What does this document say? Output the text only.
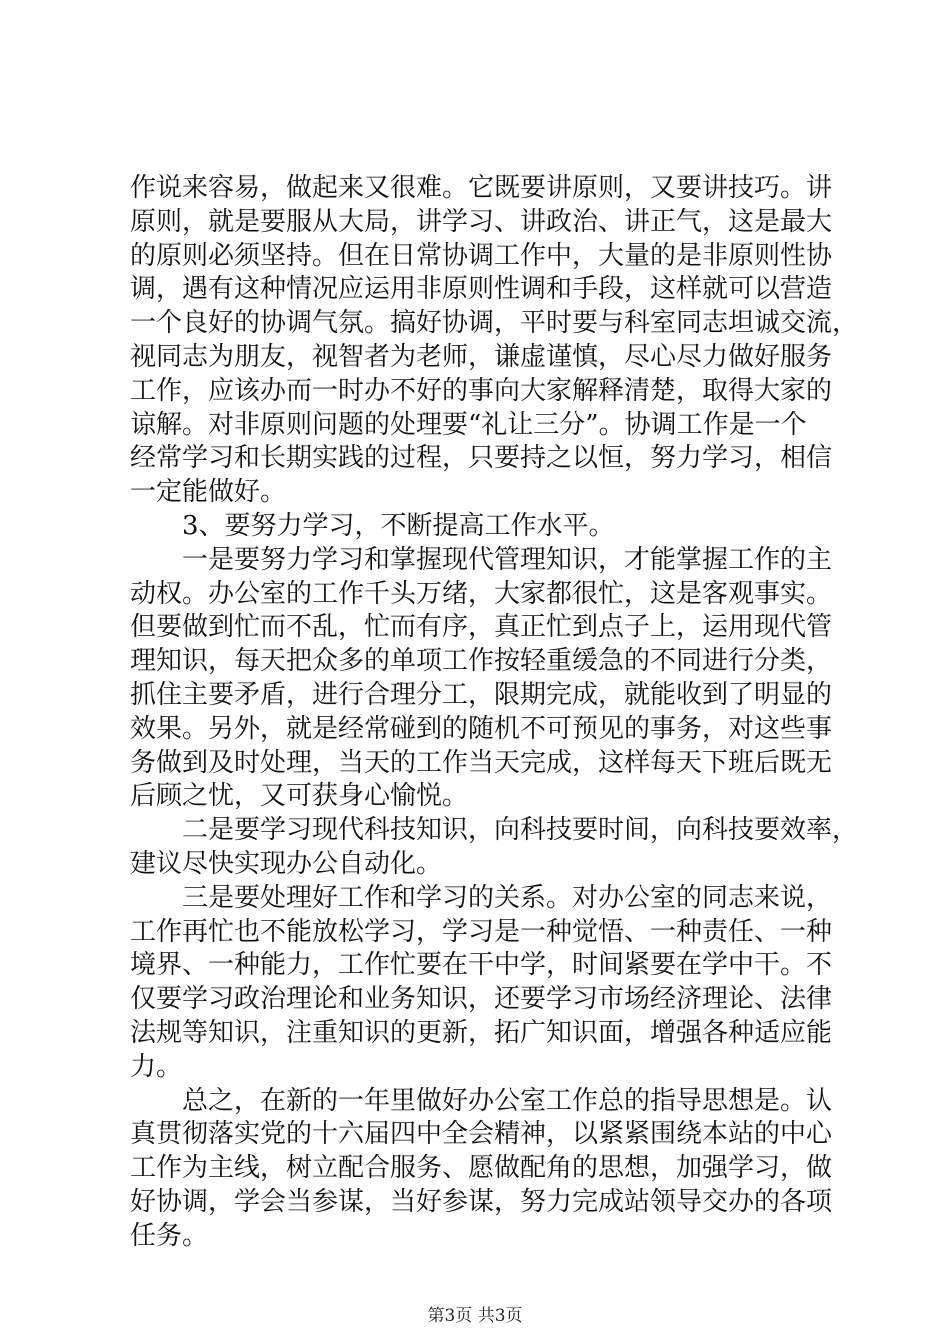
作说来容易，做起来又很难。它既要讲原则，又要讲技巧。讲
原则，就是要服从大局，讲学习、讲政治、讲正气，这是最大
的原则必须坚持。但在日常协调工作中，大量的是非原则性协
调，遇有这种情况应运用非原则性调和手段，这样就可以营造
一个良好的协调气氛。搞好协调，平时要与科室同志坦诚交流，
视同志为朋友，视智者为老师，谦虚谨慎，尽心尽力做好服务
工作，应该办而一时办不好的事向大家解释清楚，取得大家的
谅解。对非原则问题的处理要“礼让三分”。协调工作是一个
经常学习和长期实践的过程，只要持之以恒，努力学习，相信
一定能做好。
　　3、要努力学习，不断提高工作水平。
　　一是要努力学习和掌握现代管理知识，才能掌握工作的主
动权。办公室的工作千头万绪，大家都很忙，这是客观事实。
但要做到忙而不乱，忙而有序，真正忙到点子上，运用现代管
理知识，每天把众多的单项工作按轻重缓急的不同进行分类，
抓住主要矛盾，进行合理分工，限期完成，就能收到了明显的
效果。另外，就是经常碰到的随机不可预见的事务，对这些事
务做到及时处理，当天的工作当天完成，这样每天下班后既无
后顾之忧，又可获身心愉悦。
　　二是要学习现代科技知识，向科技要时间，向科技要效率，
建议尽快实现办公自动化。
　　三是要处理好工作和学习的关系。对办公室的同志来说，
工作再忙也不能放松学习，学习是一种觉悟、一种责任、一种
境界、一种能力，工作忙要在干中学，时间紧要在学中干。不
仅要学习政治理论和业务知识，还要学习市场经济理论、法律
法规等知识，注重知识的更新，拓广知识面，增强各种适应能
力。
　　总之，在新的一年里做好办公室工作总的指导思想是。认
真贯彻落实党的十六届四中全会精神，以紧紧围绕本站的中心
工作为主线，树立配合服务、愿做配角的思想，加强学习，做
好协调，学会当参谋，当好参谋，努力完成站领导交办的各项
任务。
第3页 共3页
